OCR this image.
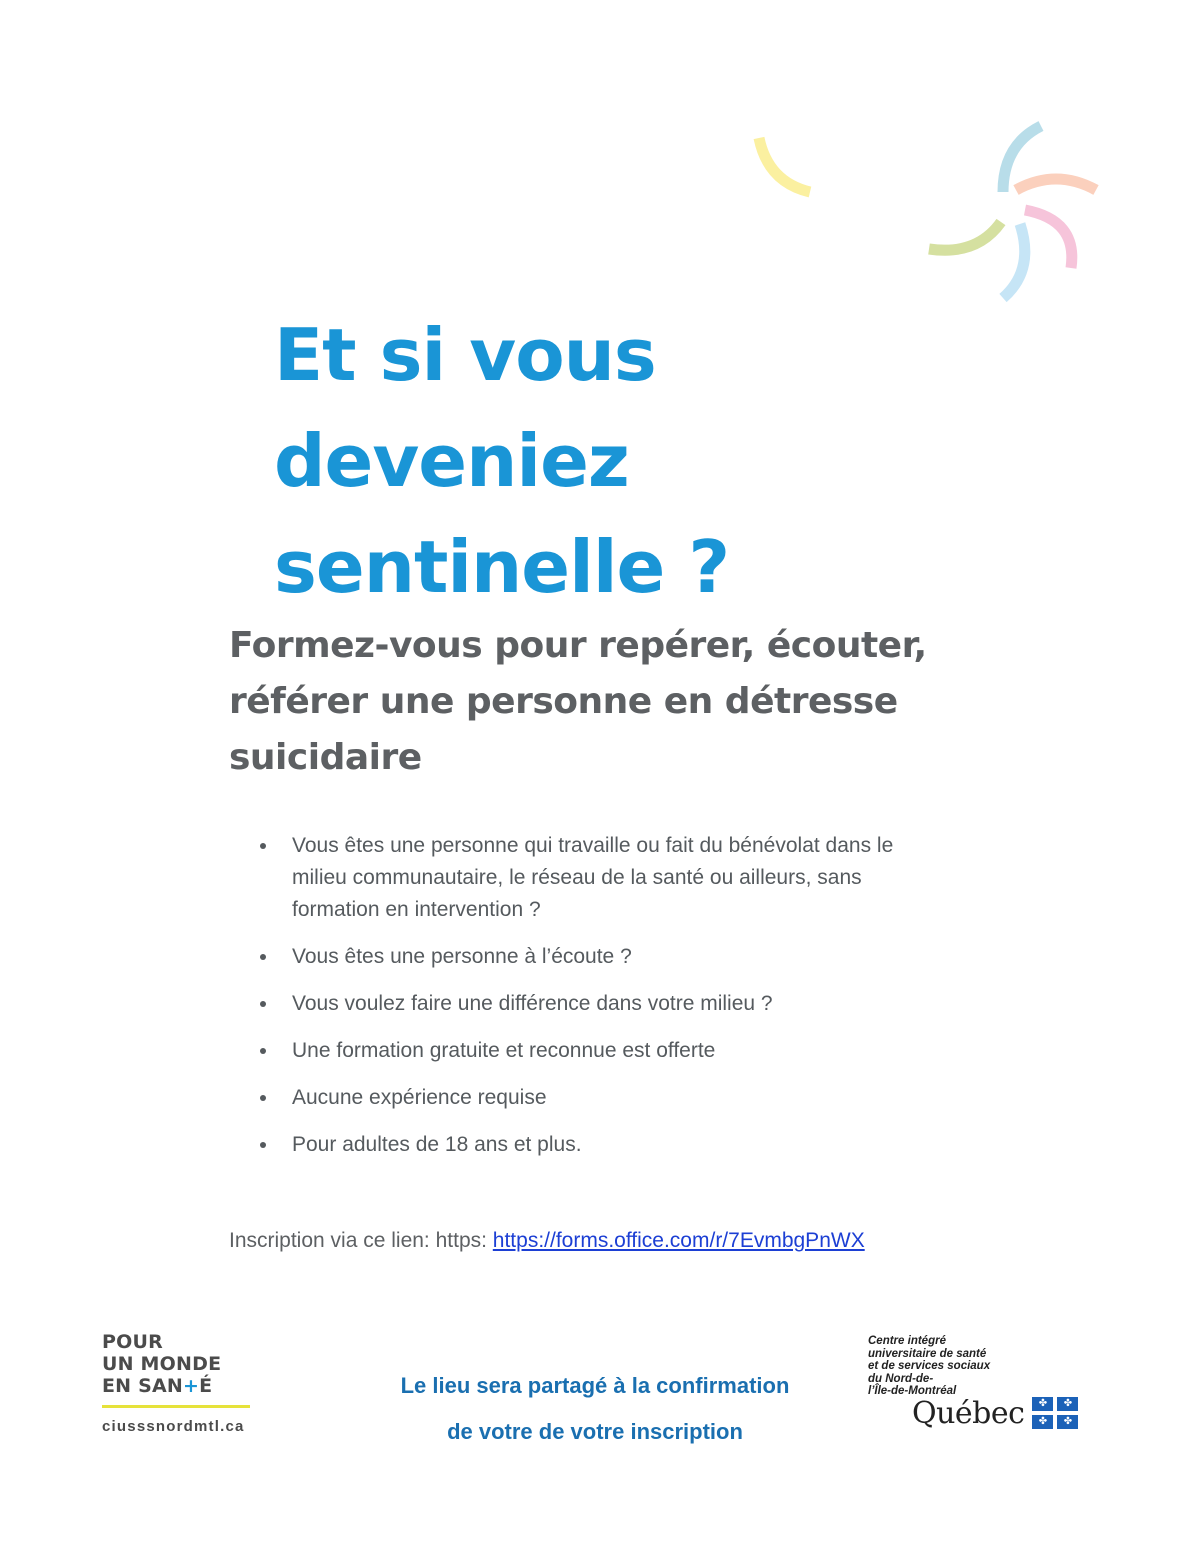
Et si vous
deveniez
sentinelle ?
Formez-vous pour repérer, écouter,
référer une personne en détresse
suicidaire
Vous êtes une personne qui travaille ou fait du bénévolat dans le milieu communautaire, le réseau de la santé ou ailleurs, sans formation en intervention ?
Vous êtes une personne à l’écoute ?
Vous voulez faire une différence dans votre milieu ?
Une formation gratuite et reconnue est offerte
Aucune expérience requise
Pour adultes de 18 ans et plus.
Inscription via ce lien: https: https://forms.office.com/r/7EvmbgPnWX
POUR
UN MONDE
EN SAN+É
ciusssnordmtl.ca
Le lieu sera partagé à la confirmation
de votre de votre inscription
Centre intégré
universitaire de santé
et de services sociaux
du Nord-de-
l’Île-de-Montréal
Québec	✤	✤
✤	✤
